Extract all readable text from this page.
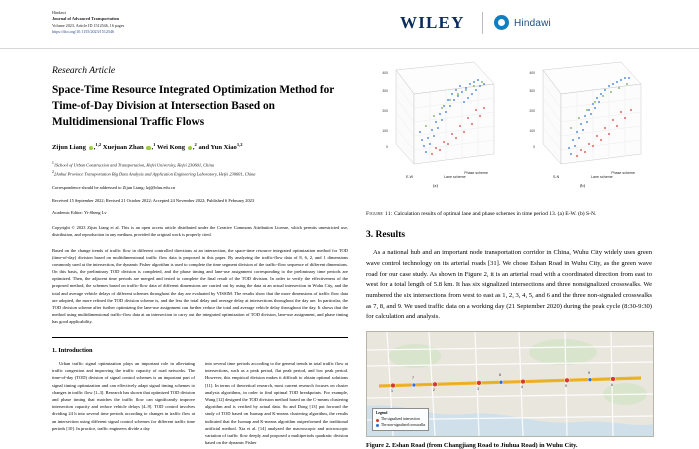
Hindawi
Journal of Advanced Transportation
Volume 2023, Article ID 1512546, 16 pages
https://doi.org/10.1155/2023/1512546	WILEY	Hindawi
Research Article
Space-Time Resource Integrated Optimization Method for Time-of-Day Division at Intersection Based on Multidimensional Traffic Flows
Zijun Liang ,$^{1,2}$ Xuejuan Zhan ,$^1$ Wei Kong ,$^2$ and Yun Xiao$^{1,2}$
$^1$1School of Urban Construction and Transportation, Hefei University, Hefei 230601, China
$^2$2Anhui Province Transportation Big Data Analysis and Application Engineering Laboratory, Hefei 230601, China
Correspondence should be addressed to Zijun Liang; lzj@hfuu.edu.cn
Received 15 September 2022; Revised 21 October 2022; Accepted 24 November 2022; Published 6 February 2023
Academic Editor: Yi-Sheng Lv
Copyright © 2023 Zijun Liang et al. This is an open access article distributed under the Creative Commons Attribution License, which permits unrestricted use, distribution, and reproduction in any medium, provided the original work is properly cited.
Based on the change trends of traffic flow in different controlled directions at an intersection, the space-time resource integrated optimization method for TOD (time-of-day) division based on multidimensional traffic flow data is proposed in this paper. By analyzing the traffic-flow data of 8, 6, 2, and 1 dimensions commonly used at the intersection, the dynamic Fisher algorithm is used to complete the time segment division of the traffic-flow sequence of different dimensions. On this basis, the preliminary TOD division is completed, and the phase timing and lane-use assignment corresponding to the preliminary time periods are optimized. Then, the adjacent time periods are merged and tested to complete the final result of the TOD division. In order to verify the effectiveness of the proposed method, the schemes based on traffic-flow data of different dimensions are carried out by using the data at an actual intersection in Wuhu City, and the total and average vehicle delays of different schemes throughout the day are evaluated by VISSIM. The results show that the more dimensions of traffic flow data are adopted, the more refined the TOD division scheme is, and the less the total delay and average delay at intersections throughout the day are. In particular, the TOD division scheme after further optimizing the lane-use assignment can further reduce the total and average vehicle delay throughout the day. It shows that the method using multidimensional traffic-flow data at an intersection to carry out the integrated optimization of TOD division, lane-use assignment, and phase timing has good applicability.
1. Introduction
Urban traffic signal optimization plays an important role in alleviating traffic congestion and improving the traffic capacity of road networks. The time-of-day (TOD) division of signal control schemes is an important part of signal timing optimization and can effectively adapt signal timing schemes to changes in traffic flow [1–3]. Research has shown that optimized TOD division and phase timing that matches the traffic flow can significantly improve intersection capacity and reduce vehicle delays [4–9]. TOD control involves dividing 24 h into several time periods according to changes in traffic flow at an intersection using different signal control schemes for different traffic time periods [10]. In practice, traffic engineers divide a day
into several time periods according to the general trends in total traffic flow at intersections, such as a peak period, flat peak period, and low peak period. However, this empirical division makes it difficult to obtain optimal solutions [11]. In terms of theoretical research, most current research focuses on cluster analysis algorithms, in order to find optimal TOD breakpoints. For example, Wang [12] designed the TOD division method based on the C-means clustering algorithm and is verified by actual data. Su and Dong [13] put forward the study of TOD based on Isomap and K-means clustering algorithm, the results indicated that the Isomap and K-means algorithm outperformed the traditional artificial method. Xia et al. [14] analyzed the macroscopic and microscopic variation of traffic flow deeply and proposed a multiperiods quadratic division based on the dynamic Fisher
400
300
200
100
0
E-W	Lane scheme
Phase scheme
(a)
400
300
200
100
0
S-N	Lane scheme
Phase scheme
(b)
Figure 11: Calculation results of optimal lane and phase schemes in time period 13. (a) E-W. (b) S-N.
3. Results
As a national hub and an important node transportation corridor in China, Wuhu City widely uses green wave control technology on its arterial roads [31]. We chose Eshan Road in Wuhu City, as the green wave road for our case study. As shown in Figure 2, it is an arterial road with a coordinated direction from east to west for a total length of 5.8 km. It has six signalized intersections and three nonsignalized crosswalks. We numbered the six intersections from west to east as 1, 2, 3, 4, 5, and 6 and the three non-signaled crosswalks as 7, 8, and 9. We used traffic data on a working day (21 September 2020) during the peak cycle (8:30-9:30) for calculation and analysis.
1	2	3	4	5	6
7
8	9
Legend
The signalized intersection
The non-signalized crosswalks
Figure 2. Eshan Road (from Changjiang Road to Jiuhua Road) in Wuhu City.
